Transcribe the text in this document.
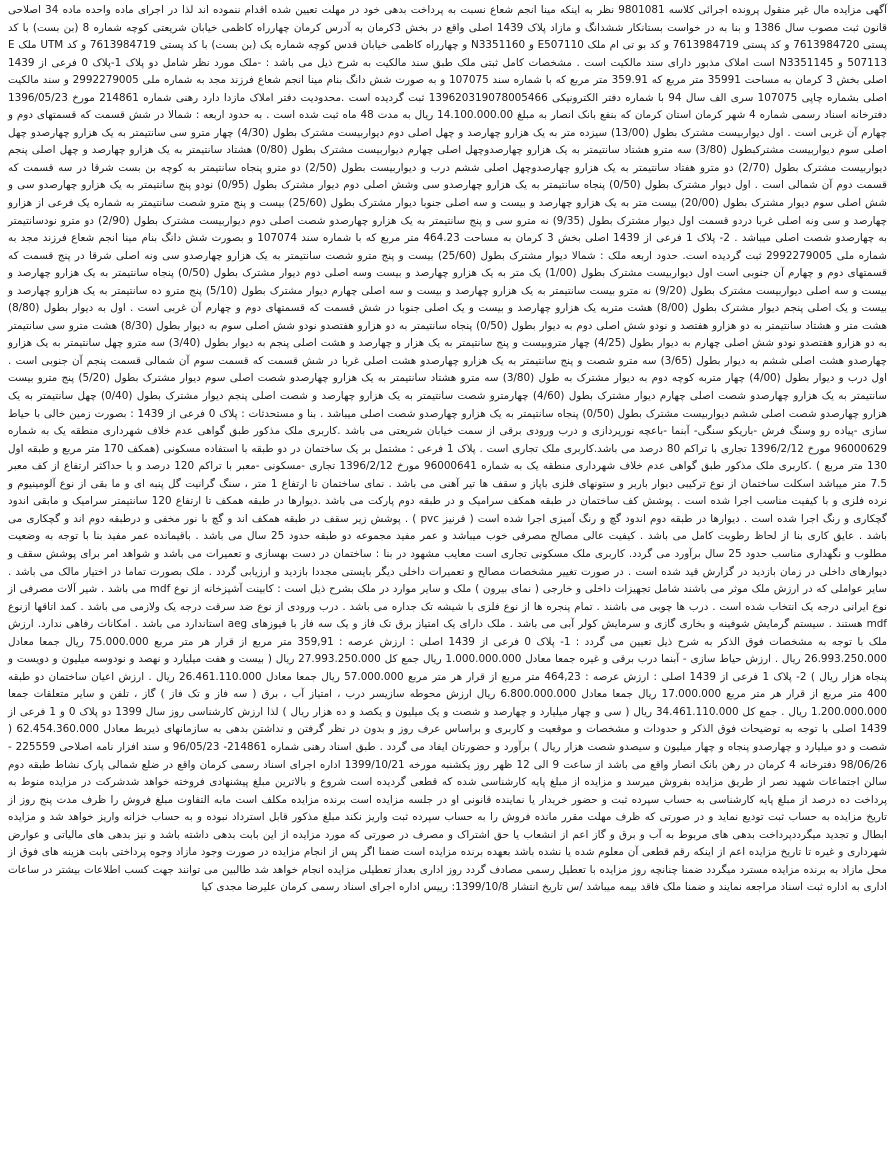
آگهی مزایده مال غیر منقول پرونده اجرائی کلاسه 9801081 نظر به اینکه مینا انجم شعاع نسبت به پرداخت بدهی خود در مهلت تعیین شده اقدام ننموده اند لذا در اجرای ماده واحده ماده 34 اصلاحی قانون ثبت مصوب سال 1386 و بنا به در خواست بستانکار ششدانگ و مازاد پلاک 1439 اصلی واقع در بخش 3کرمان به آدرس کرمان چهارراه کاظمی خیابان شریعتی کوچه شماره 8 (بن بست) با کد پستی 7613984720 و کد پستی 7613984719 و کد بو تی ام ملک E507110 و N3351160 و چهارراه کاظمی خیابان قدس کوچه شماره یک (بن بست) با کد پستی 7613984719 و کد UTM ملک E 507113 و N3351145 است املاک مذبور دارای سند مالکیت است . مشخصات کامل ثبتی ملک طبق سند مالکیت به شرح ذیل می باشد : -ملک مورد نظر شامل دو پلاک 1-پلاک 0 فرعی از 1439 اصلی بخش 3 کرمان به مساحت 35991 متر مربع که 359.91 متر مربع که با شماره سند 107075 و به صورت شش دانگ بنام مینا انجم شعاع فرزند مجد به شماره ملی 2992279005 و سند مالکیت اصلی بشماره چاپی 107075 سری الف سال 94 با شماره دفتر الکترونیکی 139620319078005466 ثبت گردیده است .محدودیت دفتر املاک مازدا دارد رهنی شماره 214861 مورخ 1396/05/23 دفترخانه اسناد رسمی شماره 4 شهر کرمان استان کرمان که بنفع بانک انصار به مبلغ 14.100.000.00 ریال به مدت 48 ماه ثبت شده است . به حدود اربعه : شمالا در شش قسمت که قسمتهای دوم و چهارم آن غربی است . اول دیواربیست مشترک بطول (13/00) سیزده متر به یک هزارو چهارصد و چهل اصلی دوم دیواربیست مشترک بطول (4/30) چهار مترو سی سانتیمتر به یک هزارو چهارصدو چهل اصلی سوم دیواربیست مشترکبطول (3/80) سه مترو هشتاد سانتیمتر به یک هزارو چهارصدوچهل اصلی چهارم دیواربیست مشترک بطول (0/80) هشتاد سانتیمتر به یک هزارو چهارصد و چهل اصلی پنجم دیواربیست مشترک بطول (2/70) دو مترو هفتاد سانتیمتر به یک هزارو چهارصدوچهل اصلی ششم درب و دیواربیست بطول (2/50) دو مترو پنجاه سانتیمتر به کوچه بن بست شرقا در سه قسمت که قسمت دوم آن شمالی است . اول دیوار مشترک بطول (0/50) پنجاه سانتیمتر به یک هزارو چهارصدو سی وشش اصلی دوم دیوار مشترک بطول (0/95) نودو پنج سانتیمتر به یک هزارو چهارصدو سی و شش اصلی سوم دیوار مشترک بطول (20/00) بیست متر به یک هزارو چهارصد و بیست و سه اصلی جنوبا دیوار مشترک بطول (25/60) بیست و پنج مترو شصت سانتیمتر به شماره یک فرعی از هزارو چهارصد و سی ونه اصلی غربا دردو قسمت اول دیوار مشترک بطول (9/35) نه مترو سی و پنج سانتیمتر به یک هزارو چهارصدو شصت اصلی دوم دیواربیست مشترک بطول (2/90) دو مترو نودسانتیمتر به چهارصدو شصت اصلی میباشد . 2- پلاک 1 فرعی از 1439 اصلی بخش 3 کرمان به مساحت 464.23 متر مربع که با شماره سند 107074 و بصورت شش دانگ بنام مینا انجم شعاع فرزند مجد به شماره ملی 2992279005 ثبت گردیده است. حدود اربعه ملک : شمالا دیوار مشترک بطول (25/60) بیست و پنج مترو شصت سانتیمتر به یک هزارو چهارصدو سی ونه اصلی شرقا در پنج قسمت که قسمتهای دوم و چهارم آن جنوبی است اول دیواربیست مشترک بطول (1/00) یک متر به یک هزارو چهارصد و بیست وسه اصلی دوم دیوار مشترک بطول (0/50) پنجاه سانتیمتر به یک هزارو چهارصد و بیست و سه اصلی دیواربیست مشترک بطول (9/20) نه مترو بیست سانتیمتر به یک هزارو چهارصد و بیست و سه اصلی چهارم دیوار مشترک بطول (5/10) پنج مترو ده سانتیمتر به یک هزارو چهارصد و بیست و یک اصلی پنجم دیوار مشترک بطول (8/00) هشت متربه یک هزارو چهارصد و بیست و یک اصلی جنوبا در شش قسمت که قسمتهای دوم و چهارم آن غربی است . اول به دیوار بطول (8/80) هشت متر و هشتاد سانتیمتر به دو هزارو هفتصد و نودو شش اصلی دوم به دیوار بطول (0/50) پنجاه سانتیمتر به دو هزارو هفتصدو نودو شش اصلی سوم به دیوار بطول (8/30) هشت مترو سی سانتیمتر به دو هزارو هفتصدو نودو شش اصلی چهارم به دیوار بطول (4/25) چهار متروبیست و پنج سانتیمتر به یک هزار و چهارصد و هشت اصلی پنجم به دیوار بطول (3/40) سه مترو چهل سانتیمتر به یک هزارو چهارصدو هشت اصلی ششم به دیوار بطول (3/65) سه مترو شصت و پنج سانتیمتر به یک هزارو چهارصدو هشت اصلی غربا در شش قسمت که قسمت سوم آن شمالی قسمت پنجم آن جنوبی است . اول درب و دیوار بطول (4/00) چهار متربه کوچه دوم به دیوار مشترک به طول (3/80) سه مترو هشتاد سانتیمتر به یک هزارو چهارصدو شصت اصلی سوم دیوار مشترک بطول (5/20) پنج مترو بیست سانتیمتر به یک هزارو چهارصدو شصت اصلی چهارم دیوار مشترک بطول (4/60) چهارمترو شصت سانتیمتر به یک هزارو چهارصد و شصت اصلی پنجم دیوار مشترک بطول (0/40) چهل سانتیمتر به یک هزارو چهارصدو شصت اصلی ششم دیواربیست مشترک بطول (0/50) پنجاه سانتیمتر به یک هزارو چهارصدو شصت اصلی میباشد . بنا و مستحدثات : پلاک 0 فرعی از 1439 : بصورت زمین خالی با حیاط سازی -پیاده رو وسنگ فرش -باریکو سنگی- آبنما -باعچه نورپردازی و درب ورودی برقی از سمت خیابان شریعتی می باشد .کاربری ملک مذکور طبق گواهی عدم خلاف شهرداری منطقه یک به شماره 96000629 مورخ 1396/2/12 تجاری با تراکم 80 درصد می باشد.کاربری ملک تجاری است . پلاک 1 فرعی : مشتمل بر یک ساختمان در دو طبقه با استفاده مسکونی (همکف 170 متر مربع و طبقه اول 130 متر مربع ) .کاربری ملک مذکور طبق گواهی عدم خلاف شهرداری منطقه یک به شماره 96000641 مورخ 1396/2/12 تجاری -مسکونی -معبر با تراکم 120 درصد و با حداکثر ارتفاع از کف معبر 7.5 متر میباشد اسکلت ساختمان از نوع ترکیبی دیوار باربر و ستونهای فلزی باپاز و سقف ها تیر آهنی می باشد . نمای ساختمان تا ارتفاع 1 متر ، سنگ گرانیت گل پنبه ای و ما بقی از نوع آلومینیوم و نرده فلزی و با کیفیت مناسب اجرا شده است . پوشش کف ساختمان در طبقه همکف سرامیک و در طبقه دوم پارکت می باشد .دیوارها در طبقه همکف تا ارتفاع 120 سانتیمتر سرامیک و مابقی اندود گچکاری و رنگ اجرا شده است . دیوارها در طبقه دوم اندود گچ و رنگ آمیزی اجرا شده است ( قرنیز pvc ) . پوشش زیر سقف در طبقه همکف اند و گچ با نور مخفی و درطبقه دوم اند و گچکاری می باشد . عایق کاری بنا از لحاظ رطوبت کامل می باشد . کیفیت عالی مصالح مصرفی خوب میباشد و عمر مفید مجموعه دو طبقه حدود 25 سال می باشد . باقیمانده عمر مفید بنا با توجه به وضعیت مطلوب و نگهداری مناسب حدود 25 سال برآورد می گردد. کاربری ملک مسکونی تجاری است معایب مشهود در بنا : ساختمان در دست بهسازی و تعمیرات می باشد و شواهد امر برای پوشش سقف و دیوارهای داخلی در زمان بازدید در گزارش قید شده است . در صورت تغییر مشخصات مصالح و تعمیرات داخلی دیگر بایستی مجددا بازدید و ارزیابی گردد . ملک بصورت تماما در اختیار مالک می باشد . سایر عواملی که در ارزش ملک موثر می باشند شامل تجهیزات داخلی و خارجی ( نمای بیرون ) ملک و سایر موارد در ملک بشرح ذیل است : کابینت آشپزخانه از نوع mdf می باشد . شیر آلات مصرفی از نوع ایرانی درجه یک انتخاب شده است . درب ها چوبی می باشند . تمام پنجره ها از نوع فلزی با شیشه تک جداره می باشد . درب ورودی از نوع ضد سرقت درجه یک ولازمی می باشد . کمد اتاقها ازنوع mdf هستند . سیستم گرمایش شوفینه و بخاری گازی و سرمایش کولر آبی می باشد . ملک دارای یک امتیاز برق تک فاز و یک سه فاز با فیوزهای aeg استاندارد می باشد . امکانات رفاهی ندارد. ارزش ملک با توجه به مشخصات فوق الذکر به شرح ذیل تعیین می گردد : 1- پلاک 0 فرعی از 1439 اصلی : ارزش عرصه : 359,91 متر مربع از قرار هر متر مربع 75.000.000 ریال جمعا معادل 26.993.250.000 ریال . ارزش حیاط سازی - آبنما درب برقی و غیره جمعا معادل 1.000.000.000 ریال جمع کل 27.993.250.000 ریال ( بیست و هفت میلیارد و نهصد و نودوسه میلیون و دویست و پنجاه هزار ریال ) 2- پلاک 1 فرعی از 1439 اصلی : ارزش عرصه : 464,23 متر مربع از قرار هر متر مربع 57.000.000 ریال جمعا معادل 26.461.110.000 ریال . ارزش اعیان ساختمان دو طبقه 400 متر مربع از قرار هر متر مربع 17.000.000 ریال جمعا معادل 6.800.000.000 ریال ارزش محوطه سازیسر درب ، امتیاز آب ، برق ( سه فاز و تک فاز ) گاز ، تلفن و سایر متعلقات جمعا 1.200.000.000 ریال . جمع کل 34.461.110.000 ریال ( سی و چهار میلیارد و چهارصد و شصت و یک میلیون و یکصد و ده هزار ریال ) لذا ارزش کارشناسی روز سال 1399 دو پلاک 0 و 1 فرعی از 1439 اصلی با توجه به توضیحات فوق الذکر و حدودات و مشخصات و موقعیت و کاربری و براساس عرف روز و بدون در نظر گرفتن و نداشتن بدهی به سازمانهای ذیربط معادل 62.454.360.000 ( شصت و دو میلیارد و چهارصدو پنجاه و چهار میلیون و سیصدو شصت هزار ریال ) برآورد و حضورتان ایفاد می گردد . طبق اسناد رهنی شماره 214861- 96/05/23 و سند افزار نامه اصلاحی 225559 - 98/06/26 دفترخانه 4 کرمان در رهن بانک انصار واقع می باشد از ساعت 9 الی 12 ظهر روز یکشنبه مورخه 1399/10/21 اداره اجرای اسناد رسمی کرمان واقع در ضلع شمالی پارک نشاط طبقه دوم سالن اجتماعات شهید نصر از طریق مزایده بفروش میرسد و مزایده از مبلغ پایه کارشناسی شده که قطعی گردیده است شروع و بالاترین مبلغ پیشنهادی فروخته خواهد شدشرکت در مزایده منوط به پرداخت ده درصد از مبلغ پایه کارشناسی به حساب سپرده ثبت و حضور خریدار یا نماینده قانونی او در جلسه مزایده است برنده مزایده مکلف است مابه التفاوت مبلغ فروش را ظرف مدت پنج روز از تاریخ مزایده به حساب ثبت تودیع نماید و در صورتی که ظرف مهلت مقرر مانده فروش را به حساب سپرده ثبت واریز نکند مبلغ مذکور قابل استرداد نبوده و به حساب خزانه واریز خواهد شد و مزایده ابطال و تجدید میگرددپرداخت بدهی های مربوط به آب و برق و گاز اعم از انشعاب یا حق اشتراک و مصرف در صورتی که مورد مزایده از این بابت بدهی داشته باشد و نیز بدهی های مالیاتی و عوارض شهرداری و غیره تا تاریخ مزایده اعم از اینکه رقم قطعی آن معلوم شده یا نشده باشد بعهده برنده مزایده است ضمنا اگر پس از انجام مزایده در صورت وجود مازاد وجوه پرداختی بابت هزینه های فوق از محل مازاد به برنده مزایده مسترد میگردد ضمنا چنانچه روز مزایده با تعطیل رسمی مصادف گردد روز اداری بعداز تعطیلی مزایده انجام خواهد شد طالبین می توانند جهت کسب اطلاعات بیشتر در ساعات اداری به اداره ثبت اسناد مراجعه نمایند و ضمنا ملک فاقد بیمه میباشد /س تاریخ انتشار 1399/10/8: رییس اداره اجرای اسناد رسمی کرمان علیرضا مجدی کیا
